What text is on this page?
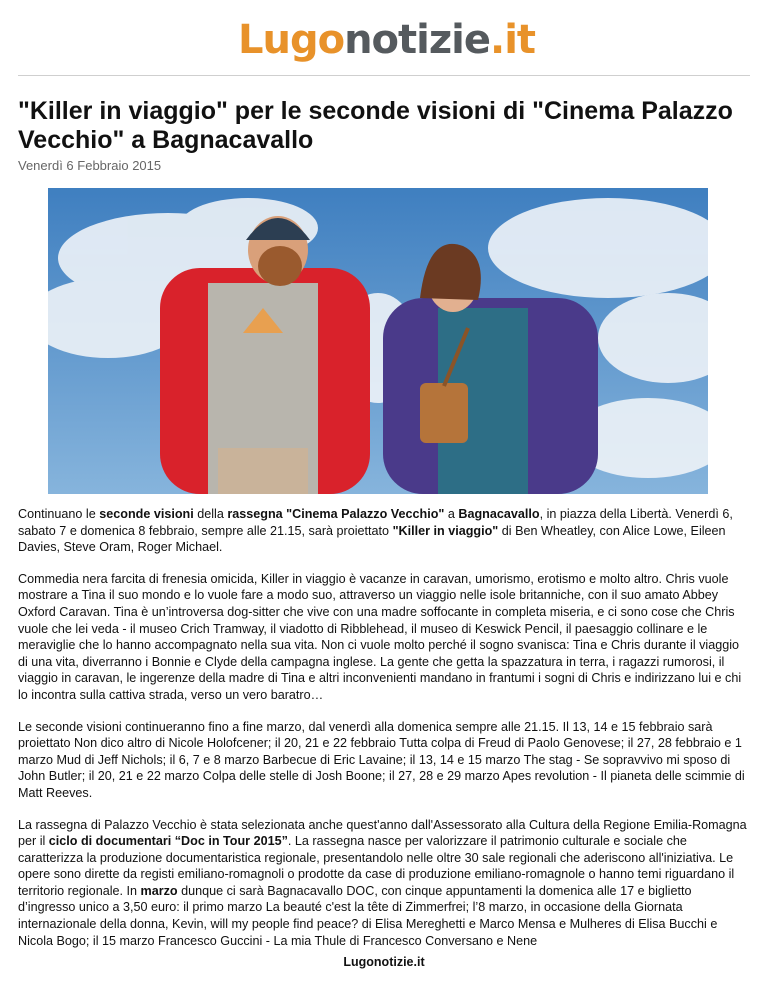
Lugonotizie.it
"Killer in viaggio" per le seconde visioni di "Cinema Palazzo Vecchio" a Bagnacavallo
Venerdì 6 Febbraio 2015

Continuano le seconde visioni della rassegna "Cinema Palazzo Vecchio" a Bagnacavallo, in piazza della Libertà. Venerdì 6, sabato 7 e domenica 8 febbraio, sempre alle 21.15, sarà proiettato "Killer in viaggio" di Ben Wheatley, con Alice Lowe, Eileen Davies, Steve Oram, Roger Michael.

Commedia nera farcita di frenesia omicida, Killer in viaggio è vacanze in caravan, umorismo, erotismo e molto altro. Chris vuole mostrare a Tina il suo mondo e lo vuole fare a modo suo, attraverso un viaggio nelle isole britanniche, con il suo amato Abbey Oxford Caravan. Tina è un’introversa dog-sitter che vive con una madre soffocante in completa miseria, e ci sono cose che Chris vuole che lei veda - il museo Crich Tramway, il viadotto di Ribblehead, il museo di Keswick Pencil, il paesaggio collinare e le meraviglie che lo hanno accompagnato nella sua vita. Non ci vuole molto perché il sogno svanisca: Tina e Chris durante il viaggio di una vita, diverranno i Bonnie e Clyde della campagna inglese. La gente che getta la spazzatura in terra, i ragazzi rumorosi, il viaggio in caravan, le ingerenze della madre di Tina e altri inconvenienti mandano in frantumi i sogni di Chris e indirizzano lui e chi lo incontra sulla cattiva strada, verso un vero baratro…

Le seconde visioni continueranno fino a fine marzo, dal venerdì alla domenica sempre alle 21.15. Il 13, 14 e 15 febbraio sarà proiettato Non dico altro di Nicole Holofcener; il 20, 21 e 22 febbraio Tutta colpa di Freud di Paolo Genovese; il 27, 28 febbraio e 1 marzo Mud di Jeff Nichols; il 6, 7 e 8 marzo Barbecue di Eric Lavaine; il 13, 14 e 15 marzo The stag - Se sopravvivo mi sposo di John Butler; il 20, 21 e 22 marzo Colpa delle stelle di Josh Boone; il 27, 28 e 29 marzo Apes revolution - Il pianeta delle scimmie di Matt Reeves.

La rassegna di Palazzo Vecchio è stata selezionata anche quest'anno dall'Assessorato alla Cultura della Regione Emilia-Romagna per il ciclo di documentari “Doc in Tour 2015”. La rassegna nasce per valorizzare il patrimonio culturale e sociale che caratterizza la produzione documentaristica regionale, presentandolo nelle oltre 30 sale regionali che aderiscono all'iniziativa. Le opere sono dirette da registi emiliano-romagnoli o prodotte da case di produzione emiliano-romagnole o hanno temi riguardano il territorio regionale. In marzo dunque ci sarà Bagnacavallo DOC, con cinque appuntamenti la domenica alle 17 e biglietto d’ingresso unico a 3,50 euro: il primo marzo La beauté c'est la tête di Zimmerfrei; l’8 marzo, in occasione della Giornata internazionale della donna, Kevin, will my people find peace? di Elisa Mereghetti e Marco Mensa e Mulheres di Elisa Bucchi e Nicola Bogo; il 15 marzo Francesco Guccini - La mia Thule di Francesco Conversano e Nene

Lugonotizie.it
